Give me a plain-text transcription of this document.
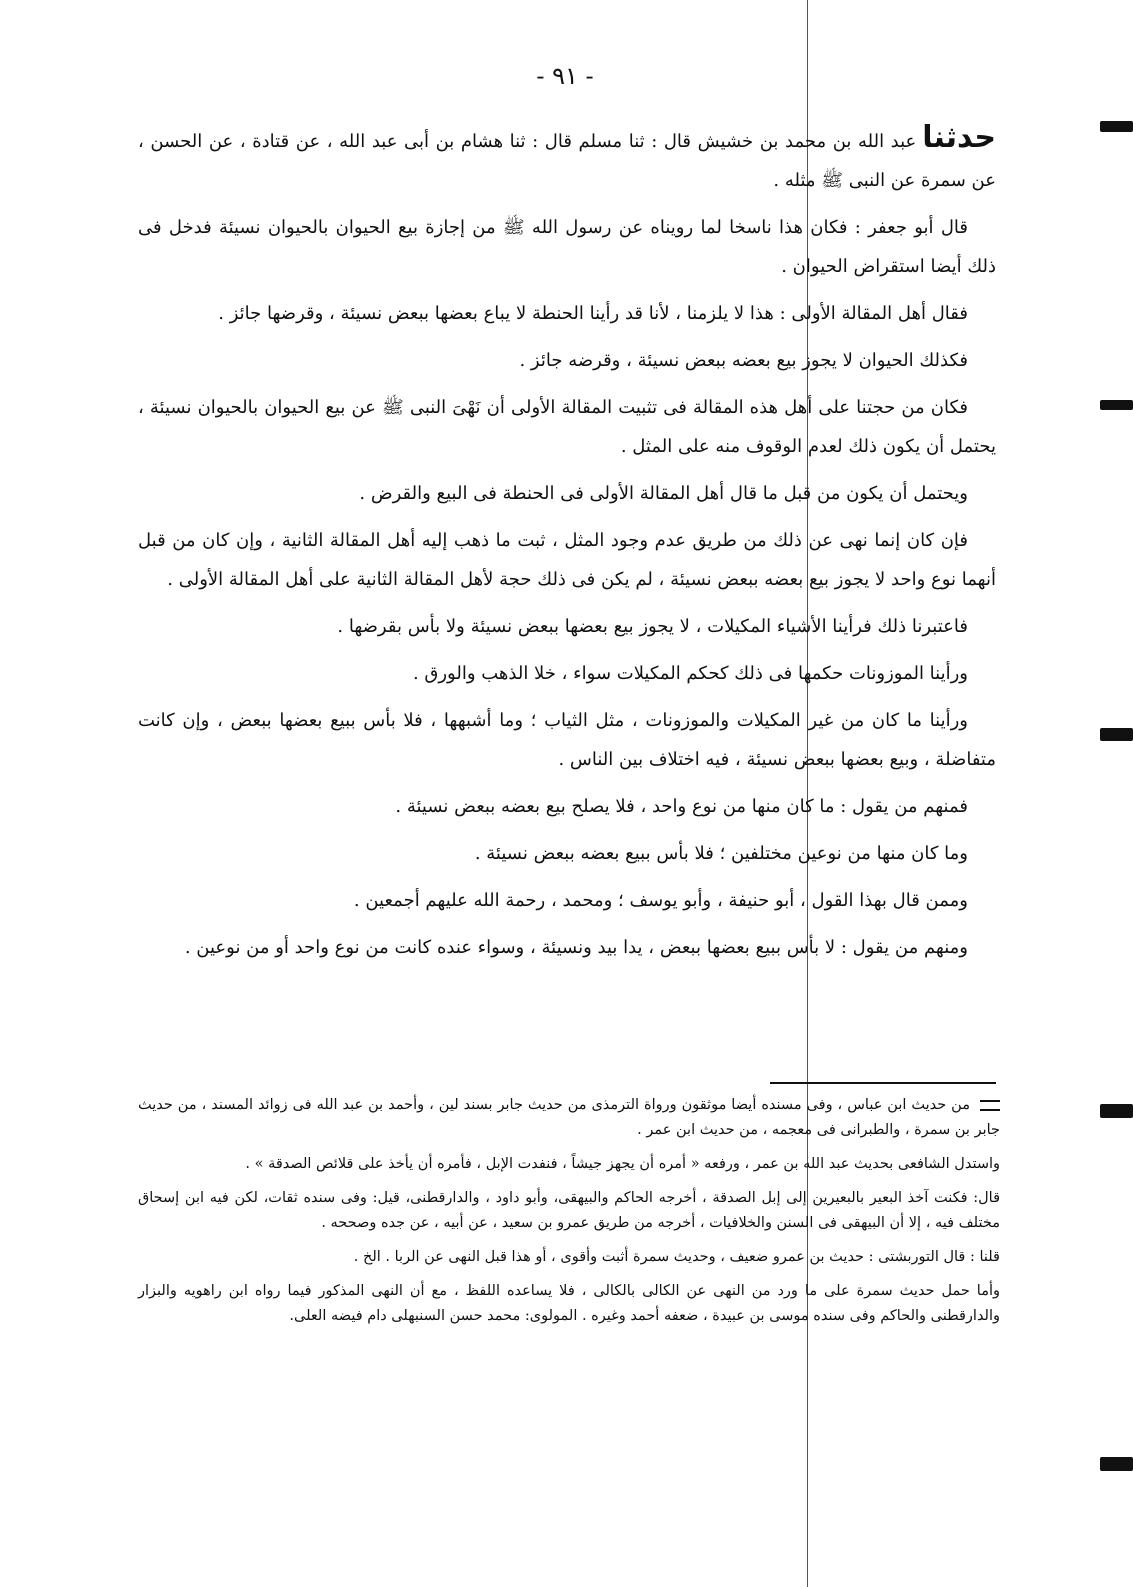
- ٩١ -

حدثناعبد الله بن محمد بن خشيش قال : ثنا مسلم قال : ثنا هشام بن أبى عبد الله ، عن قتادة ، عن الحسن ، عن سمرة عن النبى ﷺ مثله .

قال أبو جعفر : فكان هذا ناسخا لما رويناه عن رسول الله ﷺ من إجازة بيع الحيوان بالحيوان نسيئة فدخل فى ذلك أيضا استقراض الحيوان .

فقال أهل المقالة الأولى : هذا لا يلزمنا ، لأنا قد رأينا الحنطة لا يباع بعضها ببعض نسيئة ، وقرضها جائز .

فكذلك الحيوان لا يجوز بيع بعضه ببعض نسيئة ، وقرضه جائز .

فكان من حجتنا على أهل هذه المقالة فى تثبيت المقالة الأولى أن نَهْىَ النبى ﷺ عن بيع الحيوان بالحيوان نسيئة ، يحتمل أن يكون ذلك لعدم الوقوف منه على المثل .

ويحتمل أن يكون من قبل ما قال أهل المقالة الأولى فى الحنطة فى البيع والقرض .

فإن كان إنما نهى عن ذلك من طريق عدم وجود المثل ، ثبت ما ذهب إليه أهل المقالة الثانية ، وإن كان من قبل أنهما نوع واحد لا يجوز بيع بعضه ببعض نسيئة ، لم يكن فى ذلك حجة لأهل المقالة الثانية على أهل المقالة الأولى .

فاعتبرنا ذلك فرأينا الأشياء المكيلات ، لا يجوز بيع بعضها ببعض نسيئة ولا بأس بقرضها .

ورأينا الموزونات حكمها فى ذلك كحكم المكيلات سواء ، خلا الذهب والورق .

ورأينا ما كان من غير المكيلات والموزونات ، مثل الثياب ؛ وما أشبهها ، فلا بأس ببيع بعضها ببعض ، وإن كانت متفاضلة ، وبيع بعضها ببعض نسيئة ، فيه اختلاف بين الناس .

فمنهم من يقول : ما كان منها من نوع واحد ، فلا يصلح بيع بعضه ببعض نسيئة .

وما كان منها من نوعين مختلفين ؛ فلا بأس ببيع بعضه ببعض نسيئة .

وممن قال بهذا القول ، أبو حنيفة ، وأبو يوسف ؛ ومحمد ، رحمة الله عليهم أجمعين .

ومنهم من يقول : لا بأس ببيع بعضها ببعض ، يدا بيد ونسيئة ، وسواء عنده كانت من نوع واحد أو من نوعين .

من حديث ابن عباس ، وفى مسنده أيضا موثقون ورواة الترمذى من حديث جابر بسند لين ، وأحمد بن عبد الله فى زوائد المسند ، من حديث جابر بن سمرة ، والطبرانى فى معجمه ، من حديث ابن عمر .

واستدل الشافعى بحديث عبد الله بن عمر ، ورفعه « أمره أن يجهز جيشاً ، فنفدت الإبل ، فأمره أن يأخذ على قلائص الصدقة » .

قال: فكنت آخذ البعير بالبعيرين إلى إبل الصدقة ، أخرجه الحاكم والبيهقى، وأبو داود ، والدارقطنى، قيل: وفى سنده ثقات، لكن فيه ابن إسحاق مختلف فيه ، إلا أن البيهقى فى السنن والخلافيات ، أخرجه من طريق عمرو بن سعيد ، عن أبيه ، عن جده وصححه .

قلنا : قال التوربشتى : حديث بن عمرو ضعيف ، وحديث سمرة أثبت وأقوى ، أو هذا قبل النهى عن الربا . الخ .

وأما حمل حديث سمرة على ما ورد من النهى عن الكالى بالكالى ، فلا يساعده اللفظ ، مع أن النهى المذكور فيما رواه ابن راهويه والبزار والدارقطنى والحاكم وفى سنده موسى بن عبيدة ، ضعفه أحمد وغيره . المولوى: محمد حسن السنبهلى دام فيضه العلى.
